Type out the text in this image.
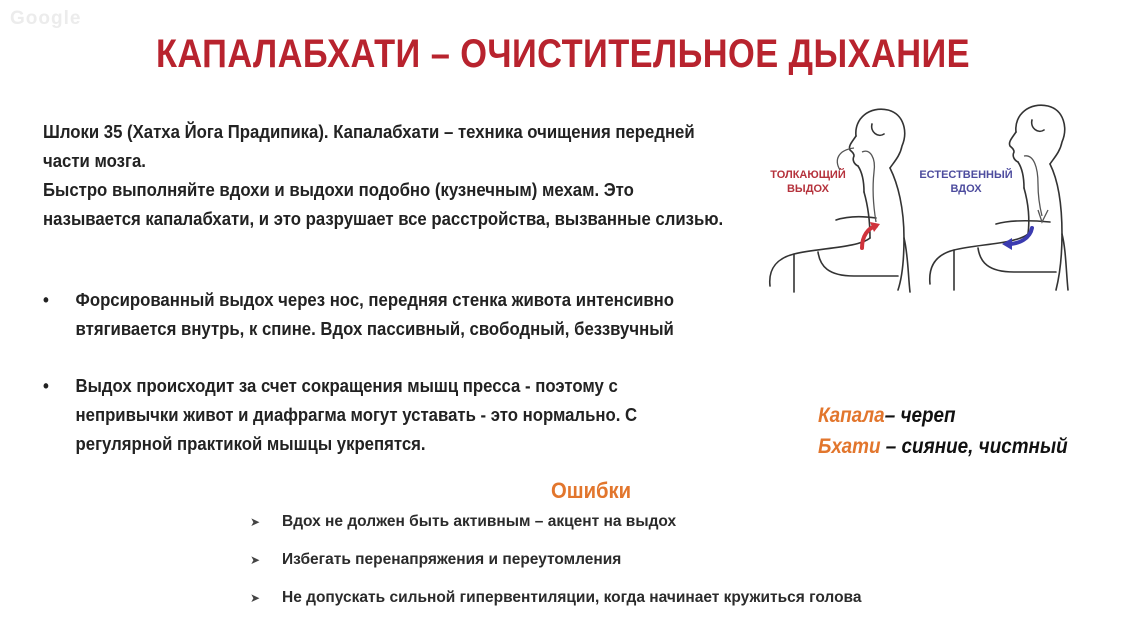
Google
КАПАЛАБХАТИ – ОЧИСТИТЕЛЬНОЕ ДЫХАНИЕ

Шлоки 35 (Хатха Йога Прадипика). Капалабхати – техника очищения передней части мозга.

Быстро выполняйте вдохи и выдохи подобно (кузнечным) мехам. Это называется капалабхати, и это разрушает все расстройства, вызванные слизью.

• Форсированный выдох через нос, передняя стенка живота интенсивно втягивается внутрь, к спине. Вдох пассивный, свободный, беззвучный
• Выдох происходит за счет сокращения мышц пресса - поэтому с непривычки живот и диафрагма могут уставать - это нормально. С регулярной практикой мышцы укрепятся.
ТОЛКАЮЩИЙ ВЫДОХ
ЕСТЕСТВЕННЫЙ ВДОХ
Капала– череп
Бхати – сияние, чистный
Ошибки
➤ Вдох не должен быть активным – акцент на выдох
➤ Избегать перенапряжения и переутомления
➤ Не допускать сильной гипервентиляции, когда начинает кружиться голова
